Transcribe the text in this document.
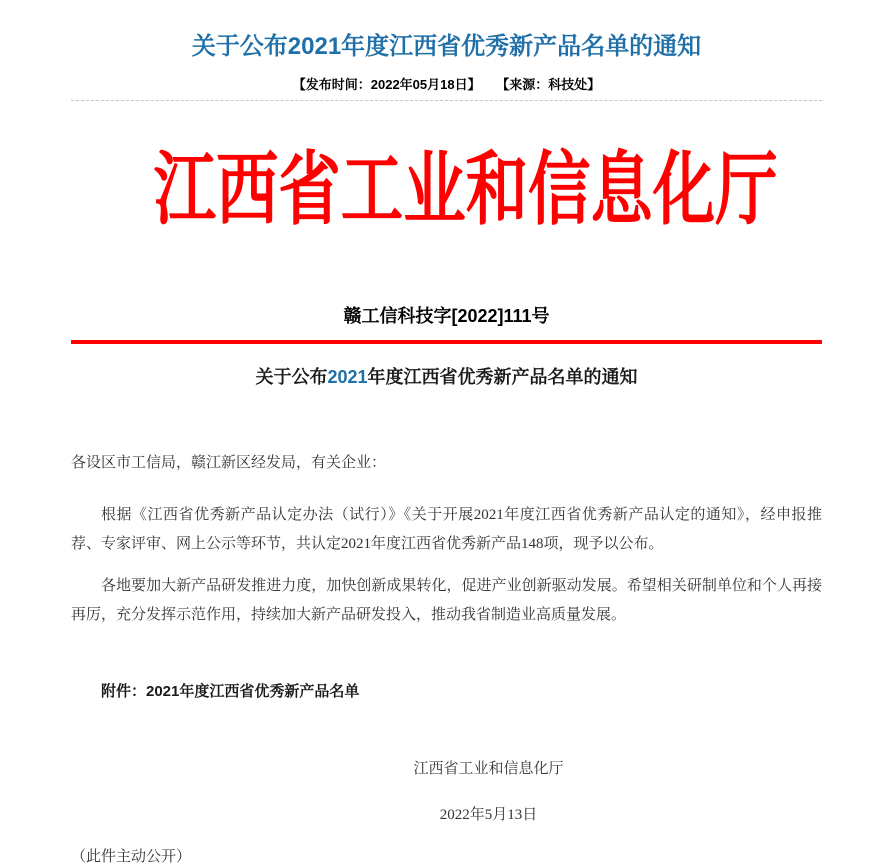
关于公布2021年度江西省优秀新产品名单的通知
【发布时间：2022年05月18日】 【来源：科技处】
江西省工业和信息化厅
赣工信科技字[2022]111号
关于公布2021年度江西省优秀新产品名单的通知

各设区市工信局，赣江新区经发局，有关企业：

根据《江西省优秀新产品认定办法（试行）》《关于开展2021年度江西省优秀新产品认定的通知》，经申报推荐、专家评审、网上公示等环节，共认定2021年度江西省优秀新产品148项，现予以公布。

各地要加大新产品研发推进力度，加快创新成果转化，促进产业创新驱动发展。希望相关研制单位和个人再接再厉，充分发挥示范作用，持续加大新产品研发投入，推动我省制造业高质量发展。

附件：2021年度江西省优秀新产品名单

江西省工业和信息化厅
2022年5月13日

（此件主动公开）
